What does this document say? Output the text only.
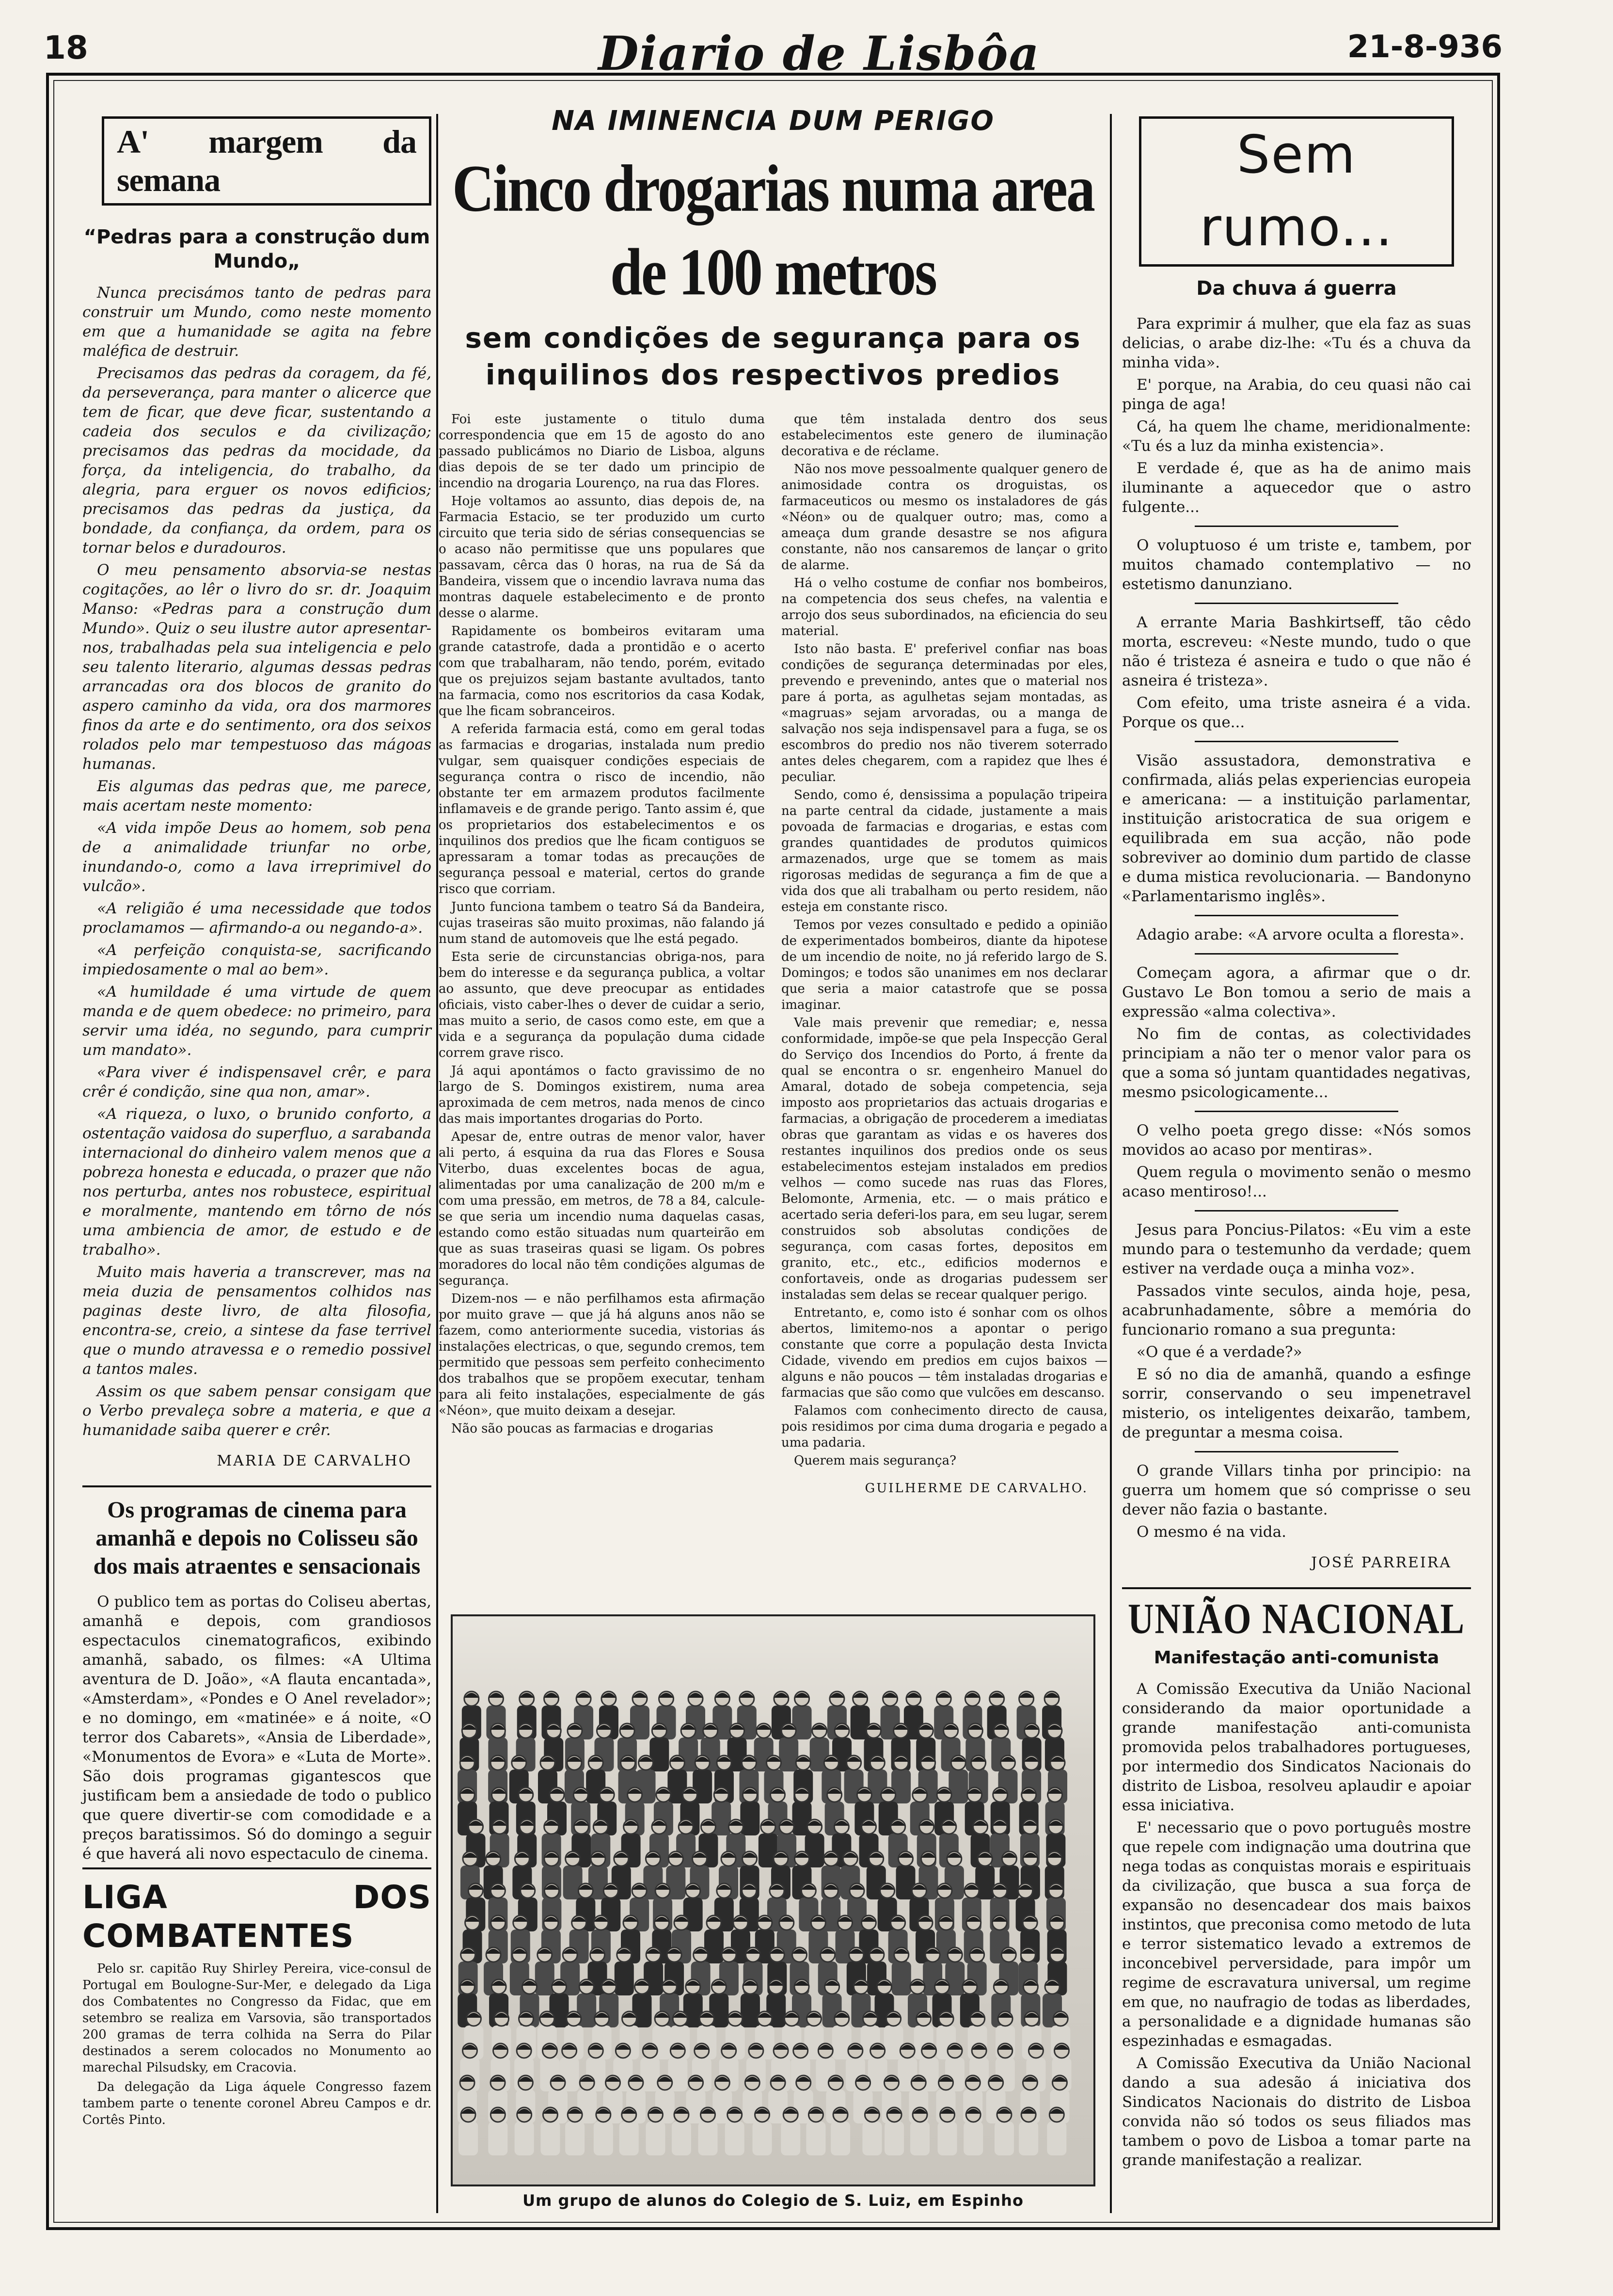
18	Diario de Lisbôa	21-8-936
A' margem da semana
“Pedras para a construção dum Mundo„

Nunca precisámos tanto de pedras para construir um Mundo, como neste momento em que a humanidade se agita na febre maléfica de destruir.

Precisamos das pedras da coragem, da fé, da perseverança, para manter o alicerce que tem de ficar, que deve ficar, sustentando a cadeia dos seculos e da civilização; precisamos das pedras da mocidade, da força, da inteligencia, do trabalho, da alegria, para erguer os novos edificios; precisamos das pedras da justiça, da bondade, da confiança, da ordem, para os tornar belos e duradouros.

O meu pensamento absorvia-se nestas cogitações, ao lêr o livro do sr. dr. Joaquim Manso: «Pedras para a construção dum Mundo». Quiz o seu ilustre autor apresentar-nos, trabalhadas pela sua inteligencia e pelo seu talento literario, algumas dessas pedras arrancadas ora dos blocos de granito do aspero caminho da vida, ora dos marmores finos da arte e do sentimento, ora dos seixos rolados pelo mar tempestuoso das mágoas humanas.

Eis algumas das pedras que, me parece, mais acertam neste momento:

«A vida impõe Deus ao homem, sob pena de a animalidade triunfar no orbe, inundando-o, como a lava irreprimivel do vulcão».

«A religião é uma necessidade que todos proclamamos — afirmando-a ou negando-a».

«A perfeição conquista-se, sacrificando impiedosamente o mal ao bem».

«A humildade é uma virtude de quem manda e de quem obedece: no primeiro, para servir uma idéa, no segundo, para cumprir um mandato».

«Para viver é indispensavel crêr, e para crêr é condição, sine qua non, amar».

«A riqueza, o luxo, o brunido conforto, a ostentação vaidosa do superfluo, a sarabanda internacional do dinheiro valem menos que a pobreza honesta e educada, o prazer que não nos perturba, antes nos robustece, espiritual e moralmente, mantendo em tôrno de nós uma ambiencia de amor, de estudo e de trabalho».

Muito mais haveria a transcrever, mas na meia duzia de pensamentos colhidos nas paginas deste livro, de alta filosofia, encontra-se, creio, a sintese da fase terrivel que o mundo atravessa e o remedio possivel a tantos males.

Assim os que sabem pensar consigam que o Verbo prevaleça sobre a materia, e que a humanidade saiba querer e crêr.

MARIA DE CARVALHO
Os programas de cinema para amanhã e depois no Colisseu são dos mais atraentes e sensacionais

O publico tem as portas do Coliseu abertas, amanhã e depois, com grandiosos espectaculos cinematograficos, exibindo amanhã, sabado, os filmes: «A Ultima aventura de D. João», «A flauta encantada», «Amsterdam», «Pondes e O Anel revelador»; e no domingo, em «matinée» e á noite, «O terror dos Cabarets», «Ansia de Liberdade», «Monumentos de Evora» e «Luta de Morte». São dois programas gigantescos que justificam bem a ansiedade de todo o publico que quere divertir-se com comodidade e a preços baratissimos. Só do domingo a seguir é que haverá ali novo espectaculo de cinema.

LIGA DOS COMBATENTES

Pelo sr. capitão Ruy Shirley Pereira, vice-consul de Portugal em Boulogne-Sur-Mer, e delegado da Liga dos Combatentes no Congresso da Fidac, que em setembro se realiza em Varsovia, são transportados 200 gramas de terra colhida na Serra do Pilar destinados a serem colocados no Monumento ao marechal Pilsudsky, em Cracovia.

Da delegação da Liga áquele Congresso fazem tambem parte o tenente coronel Abreu Campos e dr. Cortês Pinto.

NA IMINENCIA DUM PERIGO
Cinco drogarias numa area de 100 metros
sem condições de segurança para os inquilinos dos respectivos predios

Foi este justamente o titulo duma correspondencia que em 15 de agosto do ano passado publicámos no Diario de Lisboa, alguns dias depois de se ter dado um principio de incendio na drogaria Lourenço, na rua das Flores.

Hoje voltamos ao assunto, dias depois de, na Farmacia Estacio, se ter produzido um curto circuito que teria sido de sérias consequencias se o acaso não permitisse que uns populares que passavam, cêrca das 0 horas, na rua de Sá da Bandeira, vissem que o incendio lavrava numa das montras daquele estabelecimento e de pronto desse o alarme.

Rapidamente os bombeiros evitaram uma grande catastrofe, dada a prontidão e o acerto com que trabalharam, não tendo, porém, evitado que os prejuizos sejam bastante avultados, tanto na farmacia, como nos escritorios da casa Kodak, que lhe ficam sobranceiros.

A referida farmacia está, como em geral todas as farmacias e drogarias, instalada num predio vulgar, sem quaisquer condições especiais de segurança contra o risco de incendio, não obstante ter em armazem produtos facilmente inflamaveis e de grande perigo. Tanto assim é, que os proprietarios dos estabelecimentos e os inquilinos dos predios que lhe ficam contiguos se apressaram a tomar todas as precauções de segurança pessoal e material, certos do grande risco que corriam.

Junto funciona tambem o teatro Sá da Bandeira, cujas traseiras são muito proximas, não falando já num stand de automoveis que lhe está pegado.

Esta serie de circunstancias obriga-nos, para bem do interesse e da segurança publica, a voltar ao assunto, que deve preocupar as entidades oficiais, visto caber-lhes o dever de cuidar a serio, mas muito a serio, de casos como este, em que a vida e a segurança da população duma cidade correm grave risco.

Já aqui apontámos o facto gravissimo de no largo de S. Domingos existirem, numa area aproximada de cem metros, nada menos de cinco das mais importantes drogarias do Porto.

Apesar de, entre outras de menor valor, haver ali perto, á esquina da rua das Flores e Sousa Viterbo, duas excelentes bocas de agua, alimentadas por uma canalização de 200 m/m e com uma pressão, em metros, de 78 a 84, calcule-se que seria um incendio numa daquelas casas, estando como estão situadas num quarteirão em que as suas traseiras quasi se ligam. Os pobres moradores do local não têm condições algumas de segurança.

Dizem-nos — e não perfilhamos esta afirmação por muito grave — que já há alguns anos não se fazem, como anteriormente sucedia, vistorias ás instalações electricas, o que, segundo cremos, tem permitido que pessoas sem perfeito conhecimento dos trabalhos que se propõem executar, tenham para ali feito instalações, especialmente de gás «Néon», que muito deixam a desejar.

Não são poucas as farmacias e drogarias

que têm instalada dentro dos seus estabelecimentos este genero de iluminação decorativa e de réclame.

Não nos move pessoalmente qualquer genero de animosidade contra os droguistas, os farmaceuticos ou mesmo os instaladores de gás «Néon» ou de qualquer outro; mas, como a ameaça dum grande desastre se nos afigura constante, não nos cansaremos de lançar o grito de alarme.

Há o velho costume de confiar nos bombeiros, na competencia dos seus chefes, na valentia e arrojo dos seus subordinados, na eficiencia do seu material.

Isto não basta. E' preferivel confiar nas boas condições de segurança determinadas por eles, prevendo e prevenindo, antes que o material nos pare á porta, as agulhetas sejam montadas, as «magruas» sejam arvoradas, ou a manga de salvação nos seja indispensavel para a fuga, se os escombros do predio nos não tiverem soterrado antes deles chegarem, com a rapidez que lhes é peculiar.

Sendo, como é, densissima a população tripeira na parte central da cidade, justamente a mais povoada de farmacias e drogarias, e estas com grandes quantidades de produtos quimicos armazenados, urge que se tomem as mais rigorosas medidas de segurança a fim de que a vida dos que ali trabalham ou perto residem, não esteja em constante risco.

Temos por vezes consultado e pedido a opinião de experimentados bombeiros, diante da hipotese de um incendio de noite, no já referido largo de S. Domingos; e todos são unanimes em nos declarar que seria a maior catastrofe que se possa imaginar.

Vale mais prevenir que remediar; e, nessa conformidade, impõe-se que pela Inspecção Geral do Serviço dos Incendios do Porto, á frente da qual se encontra o sr. engenheiro Manuel do Amaral, dotado de sobeja competencia, seja imposto aos proprietarios das actuais drogarias e farmacias, a obrigação de procederem a imediatas obras que garantam as vidas e os haveres dos restantes inquilinos dos predios onde os seus estabelecimentos estejam instalados em predios velhos — como sucede nas ruas das Flores, Belomonte, Armenia, etc. — o mais prático e acertado seria deferi-los para, em seu lugar, serem construidos sob absolutas condições de segurança, com casas fortes, depositos em granito, etc., etc., edificios modernos e confortaveis, onde as drogarias pudessem ser instaladas sem delas se recear qualquer perigo.

Entretanto, e, como isto é sonhar com os olhos abertos, limitemo-nos a apontar o perigo constante que corre a população desta Invicta Cidade, vivendo em predios em cujos baixos — alguns e não poucos — têm instaladas drogarias e farmacias que são como que vulcões em descanso.

Falamos com conhecimento directo de causa, pois residimos por cima duma drogaria e pegado a uma padaria.

Querem mais segurança?

GUILHERME DE CARVALHO.
Um grupo de alunos do Colegio de S. Luiz, em Espinho
Sem rumo...
Da chuva á guerra

Para exprimir á mulher, que ela faz as suas delicias, o arabe diz-lhe: «Tu és a chuva da minha vida».

E' porque, na Arabia, do ceu quasi não cai pinga de aga!

Cá, ha quem lhe chame, meridionalmente: «Tu és a luz da minha existencia».

E verdade é, que as ha de animo mais iluminante a aquecedor que o astro fulgente...

O voluptuoso é um triste e, tambem, por muitos chamado contemplativo — no estetismo danunziano.

A errante Maria Bashkirtseff, tão cêdo morta, escreveu: «Neste mundo, tudo o que não é tristeza é asneira e tudo o que não é asneira é tristeza».

Com efeito, uma triste asneira é a vida. Porque os que...

Visão assustadora, demonstrativa e confirmada, aliás pelas experiencias europeia e americana: — a instituição parlamentar, instituição aristocratica de sua origem e equilibrada em sua acção, não pode sobreviver ao dominio dum partido de classe e duma mistica revolucionaria. — Bandonyno «Parlamentarismo inglês».

Adagio arabe: «A arvore oculta a floresta».

Começam agora, a afirmar que o dr. Gustavo Le Bon tomou a serio de mais a expressão «alma colectiva».

No fim de contas, as colectividades principiam a não ter o menor valor para os que a soma só juntam quantidades negativas, mesmo psicologicamente...

O velho poeta grego disse: «Nós somos movidos ao acaso por mentiras».

Quem regula o movimento senão o mesmo acaso mentiroso!...

Jesus para Poncius-Pilatos: «Eu vim a este mundo para o testemunho da verdade; quem estiver na verdade ouça a minha voz».

Passados vinte seculos, ainda hoje, pesa, acabrunhadamente, sôbre a memória do funcionario romano a sua pregunta:

«O que é a verdade?»

E só no dia de amanhã, quando a esfinge sorrir, conservando o seu impenetravel misterio, os inteligentes deixarão, tambem, de preguntar a mesma coisa.

O grande Villars tinha por principio: na guerra um homem que só comprisse o seu dever não fazia o bastante.

O mesmo é na vida.

JOSÉ PARREIRA
UNIÃO NACIONAL
Manifestação anti-comunista

A Comissão Executiva da União Nacional considerando da maior oportunidade a grande manifestação anti-comunista promovida pelos trabalhadores portugueses, por intermedio dos Sindicatos Nacionais do distrito de Lisboa, resolveu aplaudir e apoiar essa iniciativa.

E' necessario que o povo português mostre que repele com indignação uma doutrina que nega todas as conquistas morais e espirituais da civilização, que busca a sua força de expansão no desencadear dos mais baixos instintos, que preconisa como metodo de luta e terror sistematico levado a extremos de inconcebivel perversidade, para impôr um regime de escravatura universal, um regime em que, no naufragio de todas as liberdades, a personalidade e a dignidade humanas são espezinhadas e esmagadas.

A Comissão Executiva da União Nacional dando a sua adesão á iniciativa dos Sindicatos Nacionais do distrito de Lisboa convida não só todos os seus filiados mas tambem o povo de Lisboa a tomar parte na grande manifestação a realizar.
